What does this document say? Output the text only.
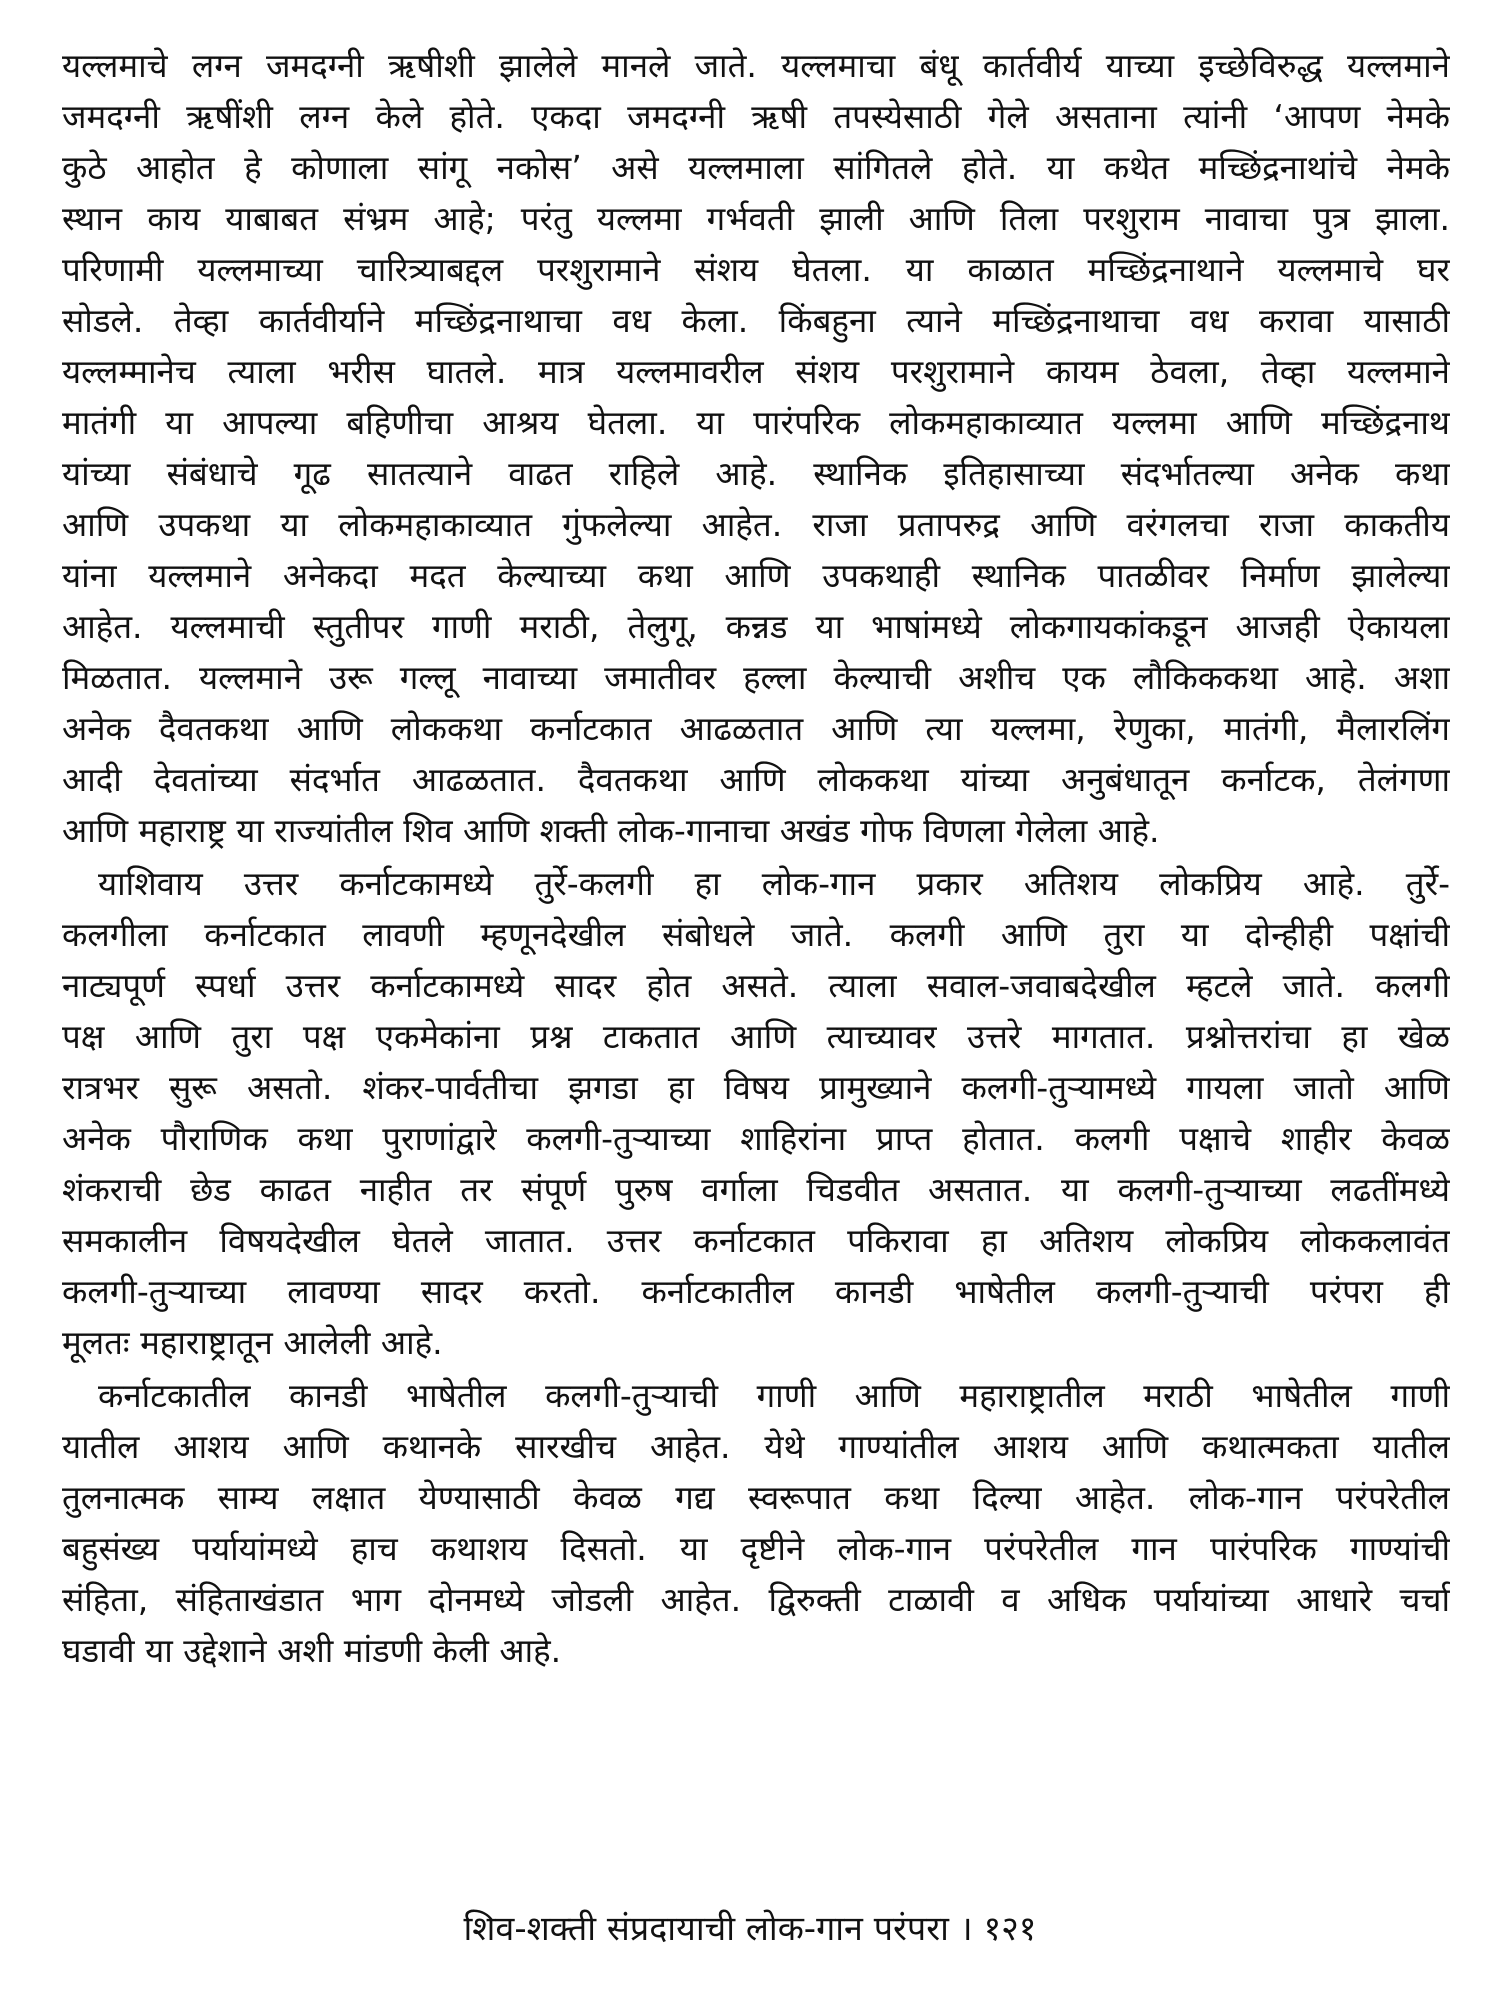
यल्लमाचे लग्न जमदग्नी ऋषीशी झालेले मानले जाते. यल्लमाचा बंधू कार्तवीर्य याच्या इच्छेविरुद्ध यल्लमाने
जमदग्नी ऋषींशी लग्न केले होते. एकदा जमदग्नी ऋषी तपस्येसाठी गेले असताना त्यांनी ‘आपण नेमके
कुठे आहोत हे कोणाला सांगू नकोस’ असे यल्लमाला सांगितले होते. या कथेत मच्छिंद्रनाथांचे नेमके
स्थान काय याबाबत संभ्रम आहे; परंतु यल्लमा गर्भवती झाली आणि तिला परशुराम नावाचा पुत्र झाला.
परिणामी यल्लमाच्या चारित्र्याबद्दल परशुरामाने संशय घेतला. या काळात मच्छिंद्रनाथाने यल्लमाचे घर
सोडले. तेव्हा कार्तवीर्याने मच्छिंद्रनाथाचा वध केला. किंबहुना त्याने मच्छिंद्रनाथाचा वध करावा यासाठी
यल्लम्मानेच त्याला भरीस घातले. मात्र यल्लमावरील संशय परशुरामाने कायम ठेवला, तेव्हा यल्लमाने
मातंगी या आपल्या बहिणीचा आश्रय घेतला. या पारंपरिक लोकमहाकाव्यात यल्लमा आणि मच्छिंद्रनाथ
यांच्या संबंधाचे गूढ सातत्याने वाढत राहिले आहे. स्थानिक इतिहासाच्या संदर्भातल्या अनेक कथा
आणि उपकथा या लोकमहाकाव्यात गुंफलेल्या आहेत. राजा प्रतापरुद्र आणि वरंगलचा राजा काकतीय
यांना यल्लमाने अनेकदा मदत केल्याच्या कथा आणि उपकथाही स्थानिक पातळीवर निर्माण झालेल्या
आहेत. यल्लमाची स्तुतीपर गाणी मराठी, तेलुगू, कन्नड या भाषांमध्ये लोकगायकांकडून आजही ऐकायला
मिळतात. यल्लमाने उरू गल्लू नावाच्या जमातीवर हल्ला केल्याची अशीच एक लौकिककथा आहे. अशा
अनेक दैवतकथा आणि लोककथा कर्नाटकात आढळतात आणि त्या यल्लमा, रेणुका, मातंगी, मैलारलिंग
आदी देवतांच्या संदर्भात आढळतात. दैवतकथा आणि लोककथा यांच्या अनुबंधातून कर्नाटक, तेलंगणा
आणि महाराष्ट्र या राज्यांतील शिव आणि शक्ती लोक-गानाचा अखंड गोफ विणला गेलेला आहे.
याशिवाय उत्तर कर्नाटकामध्ये तुर्रे-कलगी हा लोक-गान प्रकार अतिशय लोकप्रिय आहे. तुर्रे-
कलगीला कर्नाटकात लावणी म्हणूनदेखील संबोधले जाते. कलगी आणि तुरा या दोन्हीही पक्षांची
नाट्यपूर्ण स्पर्धा उत्तर कर्नाटकामध्ये सादर होत असते. त्याला सवाल-जवाबदेखील म्हटले जाते. कलगी
पक्ष आणि तुरा पक्ष एकमेकांना प्रश्न टाकतात आणि त्याच्यावर उत्तरे मागतात. प्रश्नोत्तरांचा हा खेळ
रात्रभर सुरू असतो. शंकर-पार्वतीचा झगडा हा विषय प्रामुख्याने कलगी-तुऱ्यामध्ये गायला जातो आणि
अनेक पौराणिक कथा पुराणांद्वारे कलगी-तुऱ्याच्या शाहिरांना प्राप्त होतात. कलगी पक्षाचे शाहीर केवळ
शंकराची छेड काढत नाहीत तर संपूर्ण पुरुष वर्गाला चिडवीत असतात. या कलगी-तुऱ्याच्या लढतींमध्ये
समकालीन विषयदेखील घेतले जातात. उत्तर कर्नाटकात पकिरावा हा अतिशय लोकप्रिय लोककलावंत
कलगी-तुऱ्याच्या लावण्या सादर करतो. कर्नाटकातील कानडी भाषेतील कलगी-तुऱ्याची परंपरा ही
मूलतः महाराष्ट्रातून आलेली आहे.
कर्नाटकातील कानडी भाषेतील कलगी-तुऱ्याची गाणी आणि महाराष्ट्रातील मराठी भाषेतील गाणी
यातील आशय आणि कथानके सारखीच आहेत. येथे गाण्यांतील आशय आणि कथात्मकता यातील
तुलनात्मक साम्य लक्षात येण्यासाठी केवळ गद्य स्वरूपात कथा दिल्या आहेत. लोक-गान परंपरेतील
बहुसंख्य पर्यायांमध्ये हाच कथाशय दिसतो. या दृष्टीने लोक-गान परंपरेतील गान पारंपरिक गाण्यांची
संहिता, संहिताखंडात भाग दोनमध्ये जोडली आहेत. द्विरुक्ती टाळावी व अधिक पर्यायांच्या आधारे चर्चा
घडावी या उद्देशाने अशी मांडणी केली आहे.
शिव-शक्ती संप्रदायाची लोक-गान परंपरा । १२१
